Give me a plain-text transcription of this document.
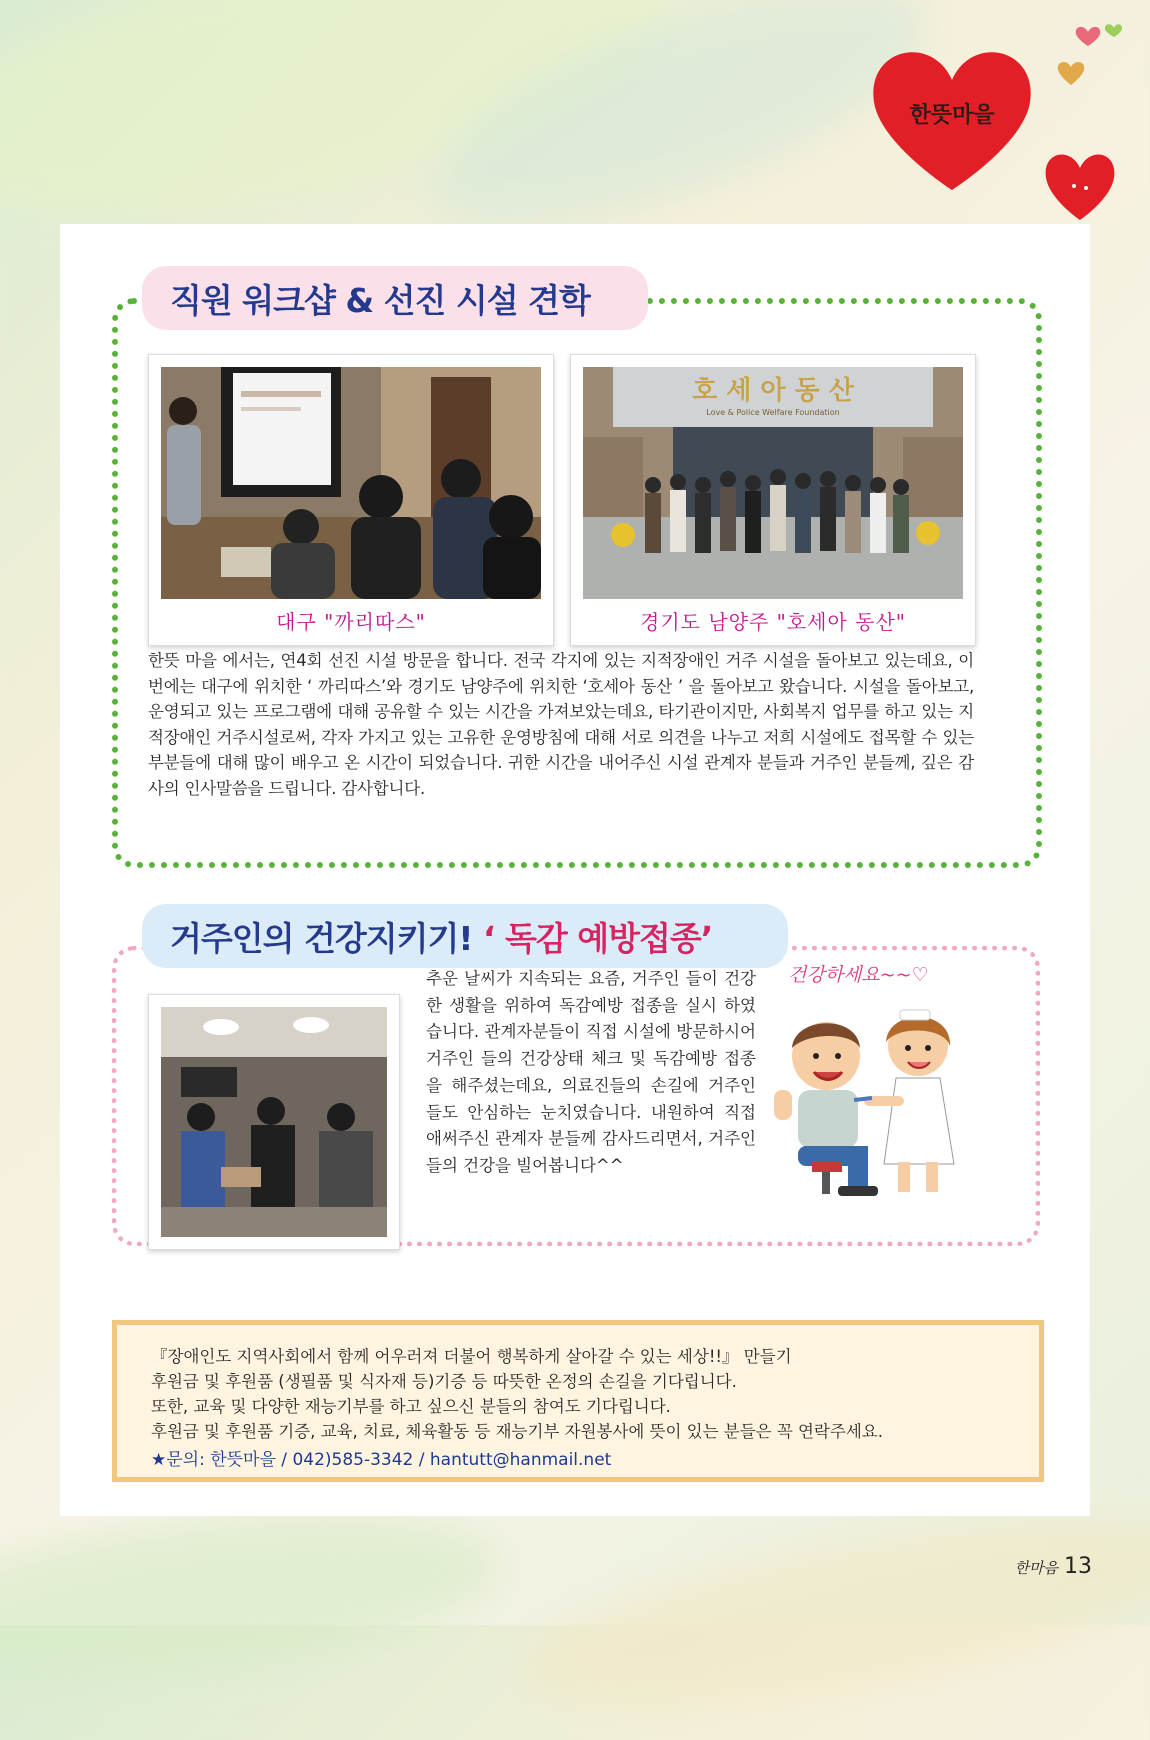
한뜻마을
직원 워크샵 & 선진 시설 견학
대구 "까리따스"
호 세 아 동 산
Love & Police Welfare Foundation
경기도 남양주 "호세아 동산"
한뜻 마을 에서는, 연4회 선진 시설 방문을 합니다. 전국 각지에 있는 지적장애인 거주 시설을 돌아보고 있는데요, 이번에는 대구에 위치한 ‘ 까리따스’와 경기도 남양주에 위치한 ‘호세아 동산 ’ 을 돌아보고 왔습니다. 시설을 돌아보고, 운영되고 있는 프로그램에 대해 공유할 수 있는 시간을 가져보았는데요, 타기관이지만, 사회복지 업무를 하고 있는 지적장애인 거주시설로써, 각자 가지고 있는 고유한 운영방침에 대해 서로 의견을 나누고 저희 시설에도 접목할 수 있는 부분들에 대해 많이 배우고 온 시간이 되었습니다. 귀한 시간을 내어주신 시설 관계자 분들과 거주인 분들께, 깊은 감사의 인사말씀을 드립니다. 감사합니다.
거주인의 건강지키기!
‘ 독감 예방접종’
추운 날씨가 지속되는 요즘, 거주인 들이 건강한 생활을 위하여 독감예방 접종을 실시 하였습니다. 관계자분들이 직접 시설에 방문하시어 거주인 들의 건강상태 체크 및 독감예방 접종을 해주셨는데요, 의료진들의 손길에 거주인 들도 안심하는 눈치였습니다. 내원하여 직접 애써주신 관계자 분들께 감사드리면서, 거주인 들의 건강을 빌어봅니다^^
건강하세요~~♡
『장애인도 지역사회에서 함께 어우러져 더불어 행복하게 살아갈 수 있는 세상!!』 만들기
후원금 및 후원품 (생필품 및 식자재 등)기증 등 따뜻한 온정의 손길을 기다립니다.
또한, 교육 및 다양한 재능기부를 하고 싶으신 분들의 참여도 기다립니다.
후원금 및 후원품 기증, 교육, 치료, 체육활동 등 재능기부 자원봉사에 뜻이 있는 분들은 꼭 연락주세요.
★문의: 한뜻마을 / 042)585-3342 / hantutt@hanmail.net
한마음 13
